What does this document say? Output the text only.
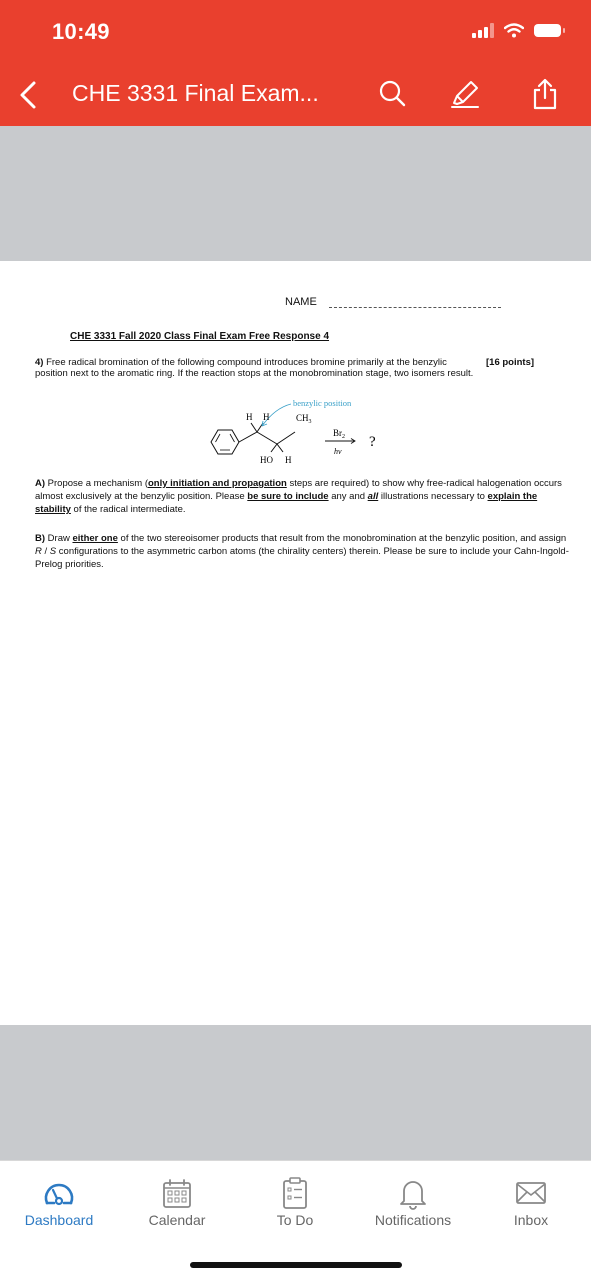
10:49
CHE 3331 Final Exam...
NAME
CHE 3331 Fall 2020 Class Final Exam Free Response 4
4) Free radical bromination of the following compound introduces bromine primarily at the benzylic position next to the aromatic ring. If the reaction stops at the monobromination stage, two isomers result.
[16 points]
H H
benzylic position
$CH_3$
HO H
$Br_2$
hν
?
A) Propose a mechanism (only initiation and propagation steps are required) to show why free-radical halogenation occurs almost exclusively at the benzylic position. Please be sure to include any and all illustrations necessary to explain the stability of the radical intermediate.
B) Draw either one of the two stereoisomer products that result from the monobromination at the benzylic position, and assign R / S configurations to the asymmetric carbon atoms (the chirality centers) therein. Please be sure to include your Cahn-Ingold-Prelog priorities.
Dashboard	Calendar	To Do	Notifications	Inbox
